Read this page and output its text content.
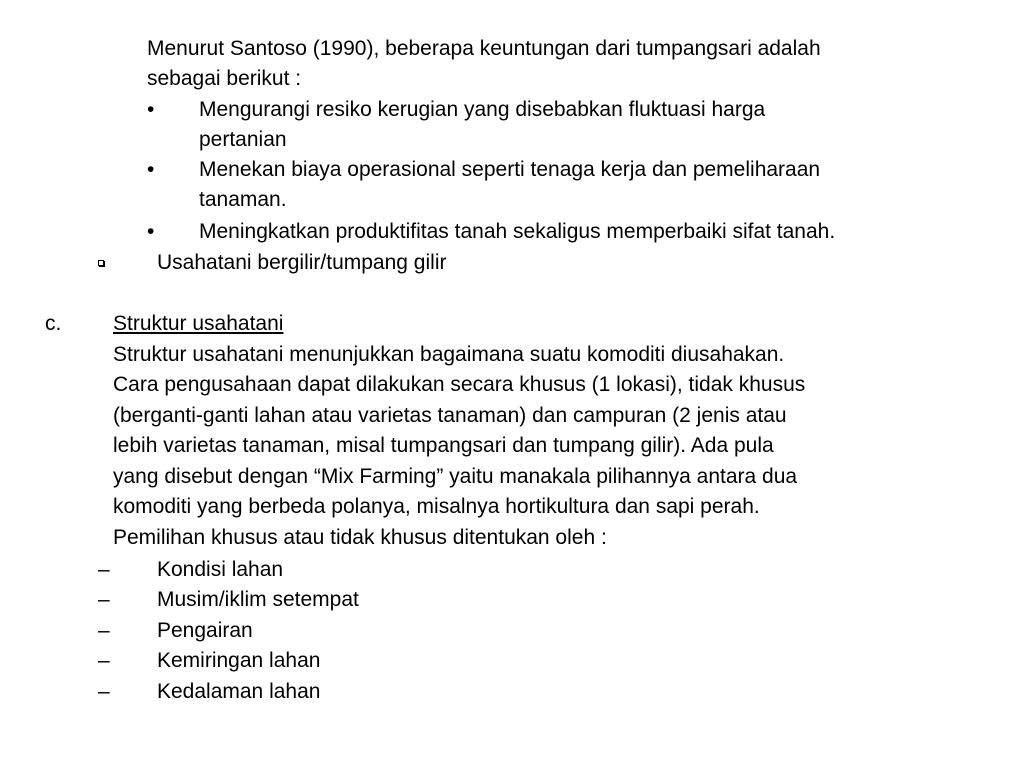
Menurut Santoso (1990), beberapa keuntungan dari tumpangsari adalah
sebagai berikut :
• Mengurangi resiko kerugian yang disebabkan fluktuasi harga
pertanian
• Menekan biaya operasional seperti tenaga kerja dan pemeliharaan
tanaman.
• Meningkatkan produktifitas tanah sekaligus memperbaiki sifat tanah.
Usahatani bergilir/tumpang gilir
c. Struktur usahatani
Struktur usahatani menunjukkan bagaimana suatu komoditi diusahakan.
Cara pengusahaan dapat dilakukan secara khusus (1 lokasi), tidak khusus
(berganti-ganti lahan atau varietas tanaman) dan campuran (2 jenis atau
lebih varietas tanaman, misal tumpangsari dan tumpang gilir). Ada pula
yang disebut dengan “Mix Farming” yaitu manakala pilihannya antara dua
komoditi yang berbeda polanya, misalnya hortikultura dan sapi perah.
Pemilihan khusus atau tidak khusus ditentukan oleh :
– Kondisi lahan
– Musim/iklim setempat
– Pengairan
– Kemiringan lahan
– Kedalaman lahan
